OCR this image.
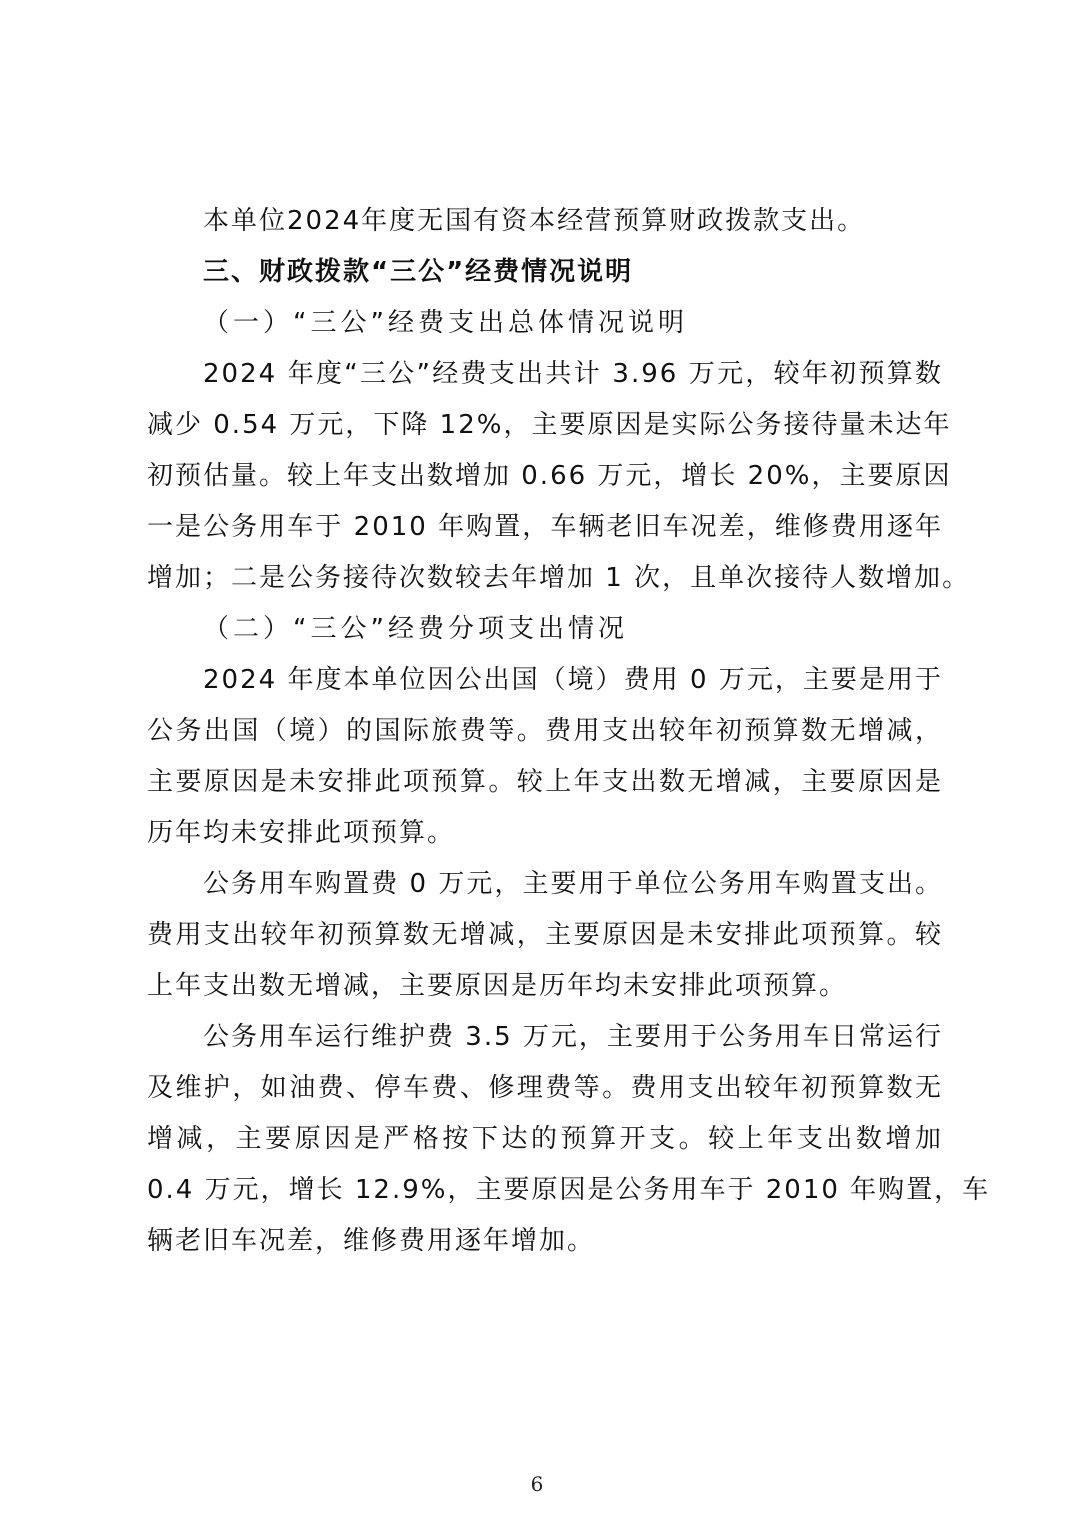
本单位2024年度无国有资本经营预算财政拨款支出。
三、财政拨款“三公”经费情况说明
（一）“三公”经费支出总体情况说明
2024 年度“三公”经费支出共计 3.96 万元，较年初预算数
减少 0.54 万元，下降 12%，主要原因是实际公务接待量未达年
初预估量。较上年支出数增加 0.66 万元，增长 20%，主要原因
一是公务用车于 2010 年购置，车辆老旧车况差，维修费用逐年
增加；二是公务接待次数较去年增加 1 次，且单次接待人数增加。
（二）“三公”经费分项支出情况
2024 年度本单位因公出国（境）费用 0 万元，主要是用于
公务出国（境）的国际旅费等。费用支出较年初预算数无增减，
主要原因是未安排此项预算。较上年支出数无增减，主要原因是
历年均未安排此项预算。
公务用车购置费 0 万元，主要用于单位公务用车购置支出。
费用支出较年初预算数无增减，主要原因是未安排此项预算。较
上年支出数无增减，主要原因是历年均未安排此项预算。
公务用车运行维护费 3.5 万元，主要用于公务用车日常运行
及维护，如油费、停车费、修理费等。费用支出较年初预算数无
增减，主要原因是严格按下达的预算开支。较上年支出数增加
0.4 万元，增长 12.9%，主要原因是公务用车于 2010 年购置，车
辆老旧车况差，维修费用逐年增加。
6
